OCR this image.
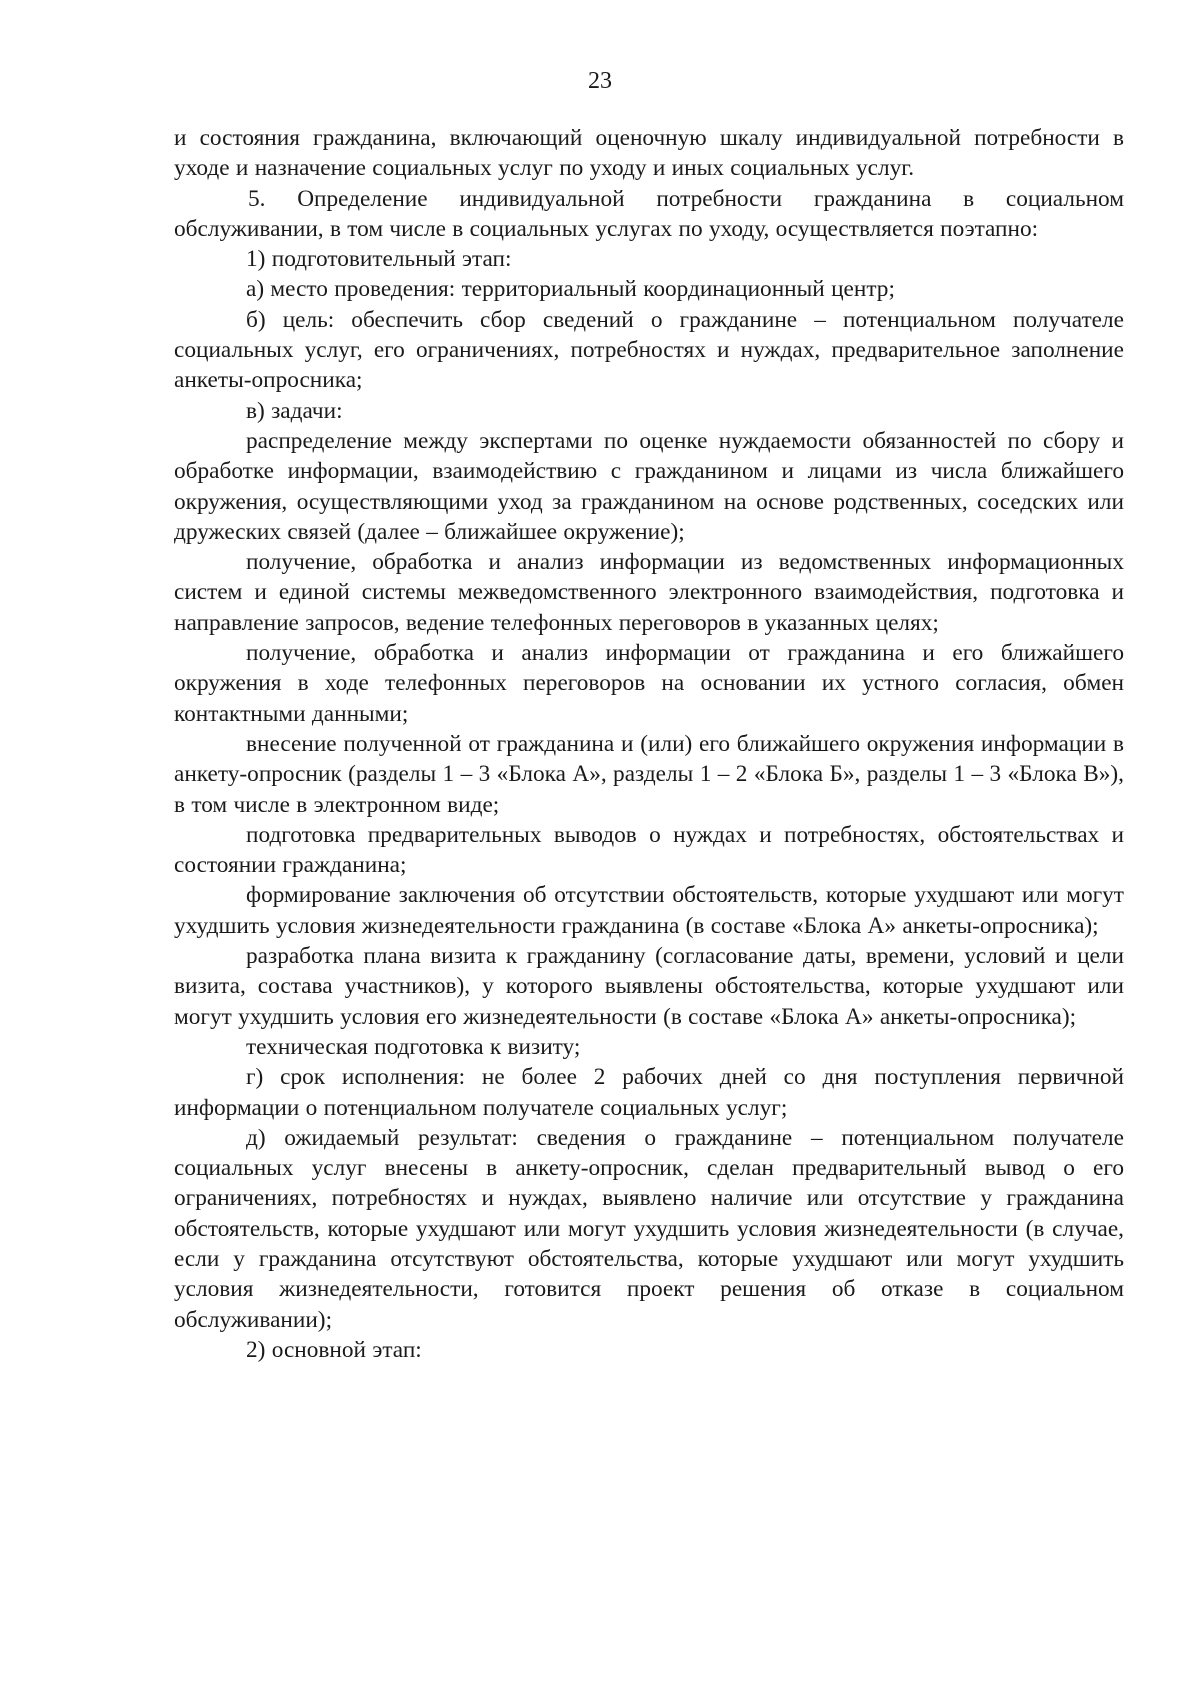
23

и состояния гражданина, включающий оценочную шкалу индивидуальной потребности в уходе и назначение социальных услуг по уходу и иных социальных услуг.

5. Определение индивидуальной потребности гражданина в социальном обслуживании, в том числе в социальных услугах по уходу, осуществляется поэтапно:

1) подготовительный этап:

а) место проведения: территориальный координационный центр;

б) цель: обеспечить сбор сведений о гражданине – потенциальном получателе социальных услуг, его ограничениях, потребностях и нуждах, предварительное заполнение анкеты-опросника;

в) задачи:

распределение между экспертами по оценке нуждаемости обязанностей по сбору и обработке информации, взаимодействию с гражданином и лицами из числа ближайшего окружения, осуществляющими уход за гражданином на основе родственных, соседских или дружеских связей (далее – ближайшее окружение);

получение, обработка и анализ информации из ведомственных информационных систем и единой системы межведомственного электронного взаимодействия, подготовка и направление запросов, ведение телефонных переговоров в указанных целях;

получение, обработка и анализ информации от гражданина и его ближайшего окружения в ходе телефонных переговоров на основании их устного согласия, обмен контактными данными;

внесение полученной от гражданина и (или) его ближайшего окружения информации в анкету-опросник (разделы 1 – 3 «Блока А», разделы 1 – 2 «Блока Б», разделы 1 – 3 «Блока В»), в том числе в электронном виде;

подготовка предварительных выводов о нуждах и потребностях, обстоятельствах и состоянии гражданина;

формирование заключения об отсутствии обстоятельств, которые ухудшают или могут ухудшить условия жизнедеятельности гражданина (в составе «Блока А» анкеты-опросника);

разработка плана визита к гражданину (согласование даты, времени, условий и цели визита, состава участников), у которого выявлены обстоятельства, которые ухудшают или могут ухудшить условия его жизнедеятельности (в составе «Блока А» анкеты-опросника);

техническая подготовка к визиту;

г) срок исполнения: не более 2 рабочих дней со дня поступления первичной информации о потенциальном получателе социальных услуг;

д) ожидаемый результат: сведения о гражданине – потенциальном получателе социальных услуг внесены в анкету-опросник, сделан предварительный вывод о его ограничениях, потребностях и нуждах, выявлено наличие или отсутствие у гражданина обстоятельств, которые ухудшают или могут ухудшить условия жизнедеятельности (в случае, если у гражданина отсутствуют обстоятельства, которые ухудшают или могут ухудшить условия жизнедеятельности, готовится проект решения об отказе в социальном обслуживании);

2) основной этап:
